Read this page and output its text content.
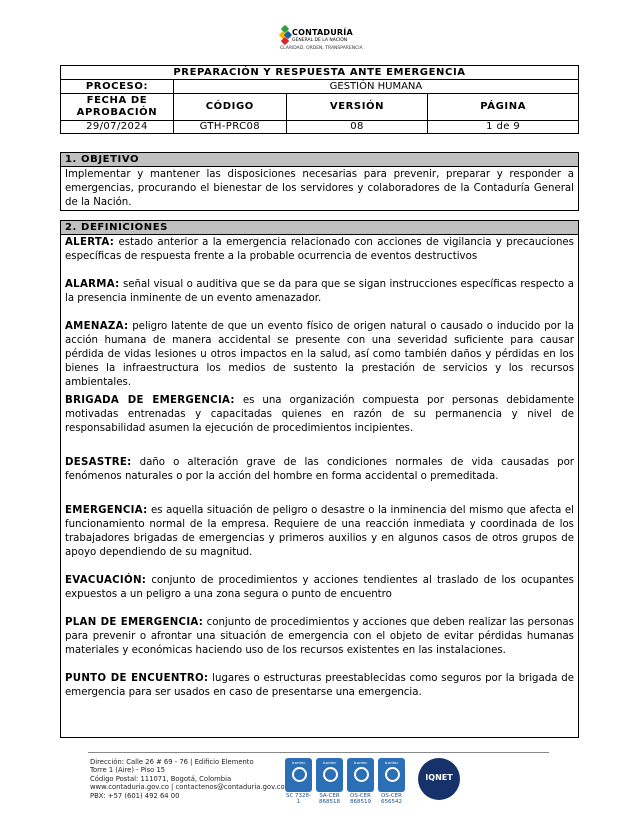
CONTADURÍA
GENERAL DE LA NACIÓN
CLARIDAD, ORDEN, TRANSPARENCIA
PREPARACIÓN Y RESPUESTA ANTE EMERGENCIA			
PROCESO:	GESTIÓN HUMANA		
FECHA DE APROBACIÓN	CÓDIGO	VERSIÓN	PÁGINA
29/07/2024	GTH-PRC08	08	1 de 9
1. OBJETIVO
Implementar y mantener las disposiciones necesarias para prevenir, preparar y responder a emergencias, procurando el bienestar de los servidores y colaboradores de la Contaduría General de la Nación.
2. DEFINICIONES
ALERTA: estado anterior a la emergencia relacionado con acciones de vigilancia y precauciones específicas de respuesta frente a la probable ocurrencia de eventos destructivos
ALARMA: señal visual o auditiva que se da para que se sigan instrucciones específicas respecto a la presencia inminente de un evento amenazador.
AMENAZA: peligro latente de que un evento físico de origen natural o causado o inducido por la acción humana de manera accidental se presente con una severidad suficiente para causar pérdida de vidas lesiones u otros impactos en la salud, así como también daños y pérdidas en los bienes la infraestructura los medios de sustento la prestación de servicios y los recursos ambientales.
BRIGADA DE EMERGENCIA: es una organización compuesta por personas debidamente motivadas entrenadas y capacitadas quienes en razón de su permanencia y nivel de responsabilidad asumen la ejecución de procedimientos incipientes.
DESASTRE: daño o alteración grave de las condiciones normales de vida causadas por fenómenos naturales o por la acción del hombre en forma accidental o premeditada.
EMERGENCIA: es aquella situación de peligro o desastre o la inminencia del mismo que afecta el funcionamiento normal de la empresa. Requiere de una reacción inmediata y coordinada de los trabajadores brigadas de emergencias y primeros auxilios y en algunos casos de otros grupos de apoyo dependiendo de su magnitud.
EVACUACIÓN: conjunto de procedimientos y acciones tendientes al traslado de los ocupantes expuestos a un peligro a una zona segura o punto de encuentro
PLAN DE EMERGENCIA: conjunto de procedimientos y acciones que deben realizar las personas para prevenir o afrontar una situación de emergencia con el objeto de evitar pérdidas humanas materiales y económicas haciendo uso de los recursos existentes en las instalaciones.
PUNTO DE ENCUENTRO: lugares o estructuras preestablecidas como seguros por la brigada de emergencia para ser usados en caso de presentarse una emergencia.
Dirección: Calle 26 # 69 - 76 | Edificio Elemento
Torre 1 (Aire) - Piso 15
Código Postal: 111071, Bogotá, Colombia
www.contaduria.gov.co | contactenos@contaduria.gov.co
PBX: +57 (601) 492 64 00
Icontec
SC 7328-1
Icontec
SA-CER 868518
Icontec
OS-CER 868519
Icontec
OS-CER 656542
IQNET
